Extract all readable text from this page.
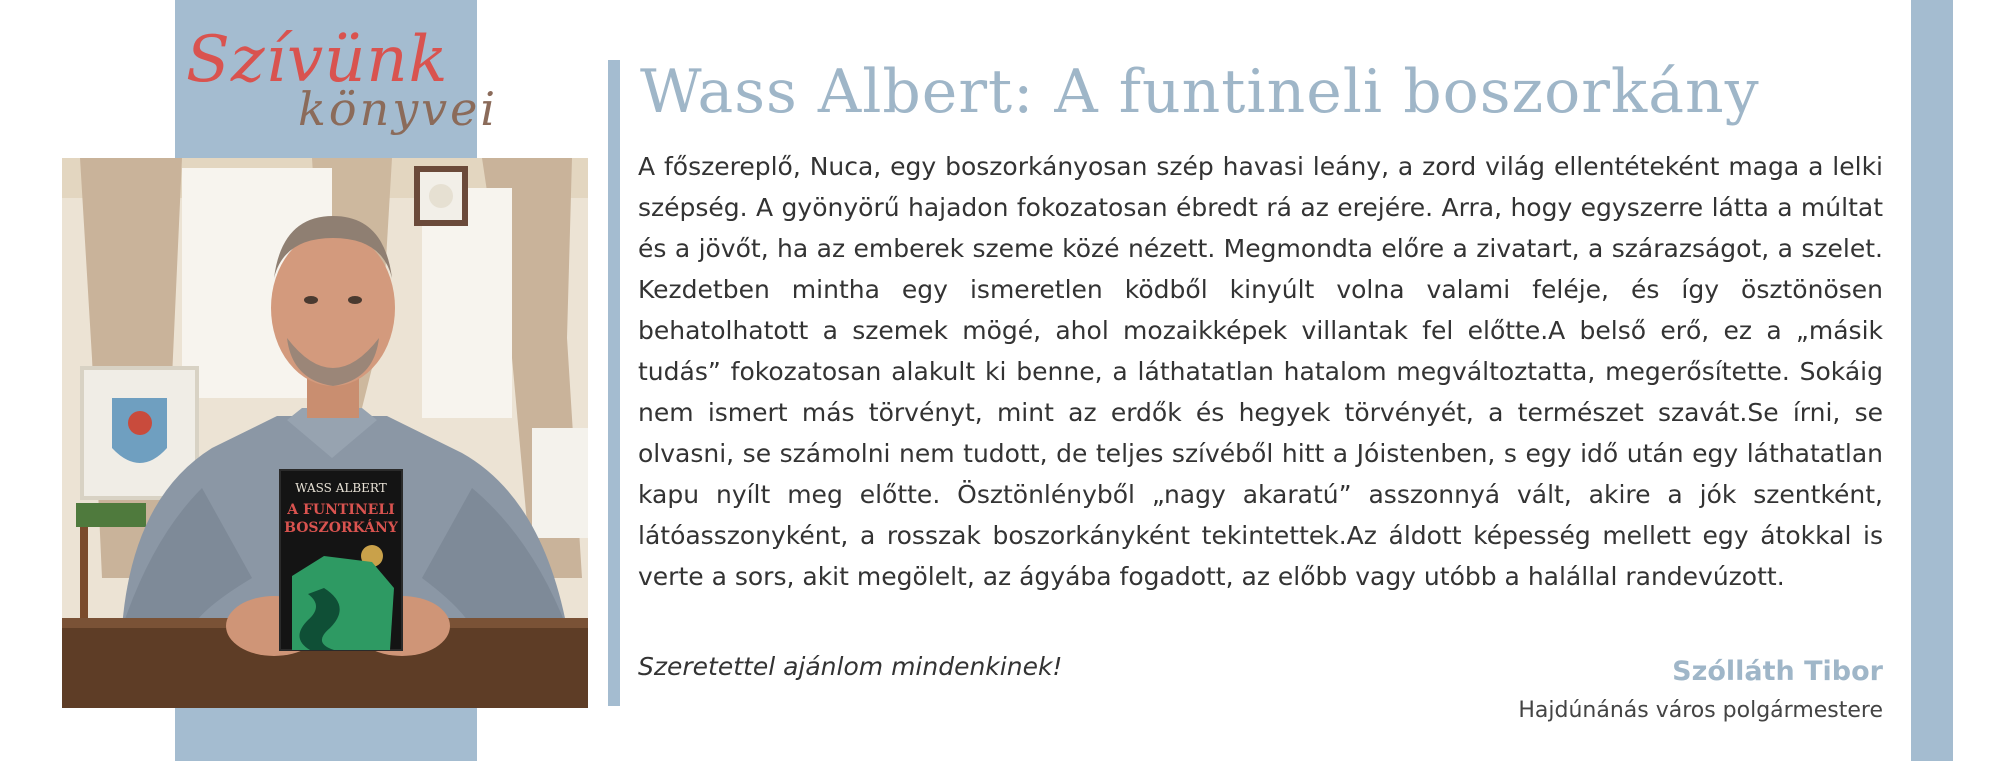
Szívünk
könyvei
WASS ALBERT
A FUNTINELI
BOSZORKÁNY
Wass Albert: A funtineli boszorkány

A főszereplő, Nuca, egy boszorkányosan szép havasi leány, a zord világ ellentéteként maga a lelki szépség. A gyönyörű hajadon fokozatosan ébredt rá az erejére. Arra, hogy egyszerre látta a múltat és a jövőt, ha az emberek szeme közé nézett. Megmondta előre a zivatart, a szárazságot, a szelet. Kezdetben mintha egy ismeretlen ködből kinyúlt volna valami feléje, és így ösztönösen behatolhatott a szemek mögé, ahol mozaikképek villantak fel előtte.A belső erő, ez a „másik tudás” fokozatosan alakult ki benne, a láthatatlan hatalom megváltoztatta, megerősítette. Sokáig nem ismert más törvényt, mint az erdők és hegyek törvényét, a természet szavát.Se írni, se olvasni, se számolni nem tudott, de teljes szívéből hitt a Jóistenben, s egy idő után egy láthatatlan kapu nyílt meg előtte. Ösztönlényből „nagy akaratú” asszonnyá vált, akire a jók szentként, látóasszonyként, a rosszak boszorkányként tekintettek.Az áldott képesség mellett egy átokkal is verte a sors, akit megölelt, az ágyába fogadott, az előbb vagy utóbb a halállal randevúzott.

Szeretettel ajánlom mindenkinek!	Szólláth Tibor
Hajdúnánás város polgármestere
